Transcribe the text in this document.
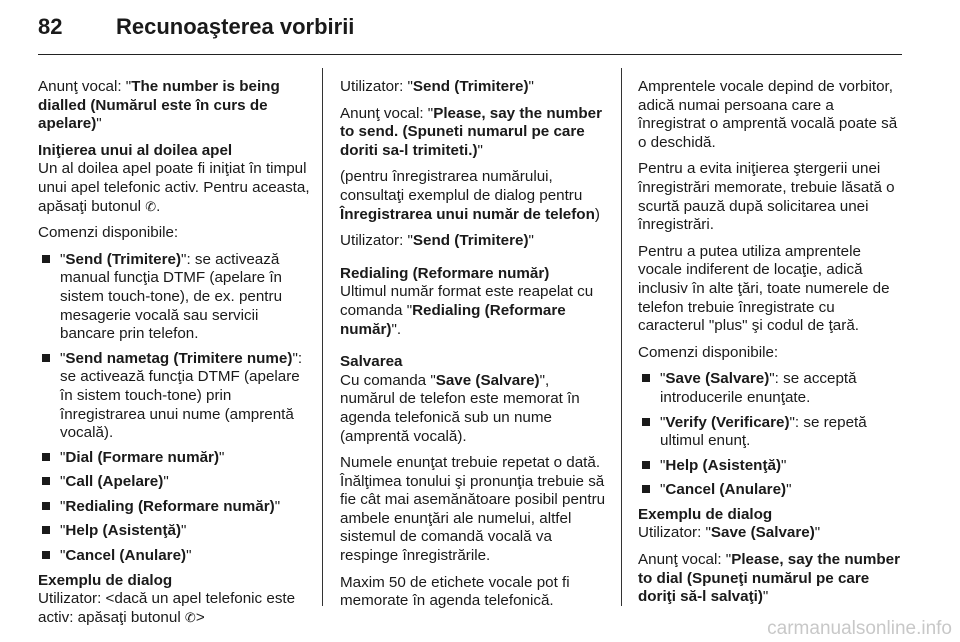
82	Recunoaşterea vorbirii

Anunţ vocal: "The number is being dialled (Numărul este în curs de apelare)"

Iniţierea unui al doilea apel

Un al doilea apel poate fi iniţiat în timpul unui apel telefonic activ. Pentru aceasta, apăsaţi butonul ✆.

Comenzi disponibile:

"Send (Trimitere)": se activează manual funcţia DTMF (apelare în sistem touch-tone), de ex. pentru mesagerie vocală sau servicii bancare prin telefon.
"Send nametag (Trimitere nume)": se activează funcţia DTMF (apelare în sistem touch-tone) prin înregistrarea unui nume (amprentă vocală).
"Dial (Formare număr)"
"Call (Apelare)"
"Redialing (Reformare număr)"
"Help (Asistenţă)"
"Cancel (Anulare)"
Exemplu de dialog

Utilizator: <dacă un apel telefonic este activ: apăsaţi butonul ✆>

Utilizator: "Send (Trimitere)"

Anunţ vocal: "Please, say the number to send. (Spuneti numarul pe care doriti sa-l trimiteti.)"

(pentru înregistrarea numărului, consultaţi exemplul de dialog pentru Înregistrarea unui număr de telefon)

Utilizator: "Send (Trimitere)"

Redialing (Reformare număr)

Ultimul număr format este reapelat cu comanda "Redialing (Reformare număr)".

Salvarea

Cu comanda "Save (Salvare)", numărul de telefon este memorat în agenda telefonică sub un nume (amprentă vocală).

Numele enunţat trebuie repetat o dată. Înălţimea tonului şi pronunţia trebuie să fie cât mai asemănătoare posibil pentru ambele enunţări ale numelui, altfel sistemul de comandă vocală va respinge înregistrările.

Maxim 50 de etichete vocale pot fi memorate în agenda telefonică.

Amprentele vocale depind de vorbitor, adică numai persoana care a înregistrat o amprentă vocală poate să o deschidă.

Pentru a evita iniţierea ştergerii unei înregistrări memorate, trebuie lăsată o scurtă pauză după solicitarea unei înregistrări.

Pentru a putea utiliza amprentele vocale indiferent de locaţie, adică inclusiv în alte ţări, toate numerele de telefon trebuie înregistrate cu caracterul "plus" şi codul de ţară.

Comenzi disponibile:

"Save (Salvare)": se acceptă introducerile enunţate.
"Verify (Verificare)": se repetă ultimul enunţ.
"Help (Asistenţă)"
"Cancel (Anulare)"
Exemplu de dialog

Utilizator: "Save (Salvare)"

Anunţ vocal: "Please, say the number to dial (Spuneţi numărul pe care doriţi să-l salvaţi)"

carmanualsonline.info
